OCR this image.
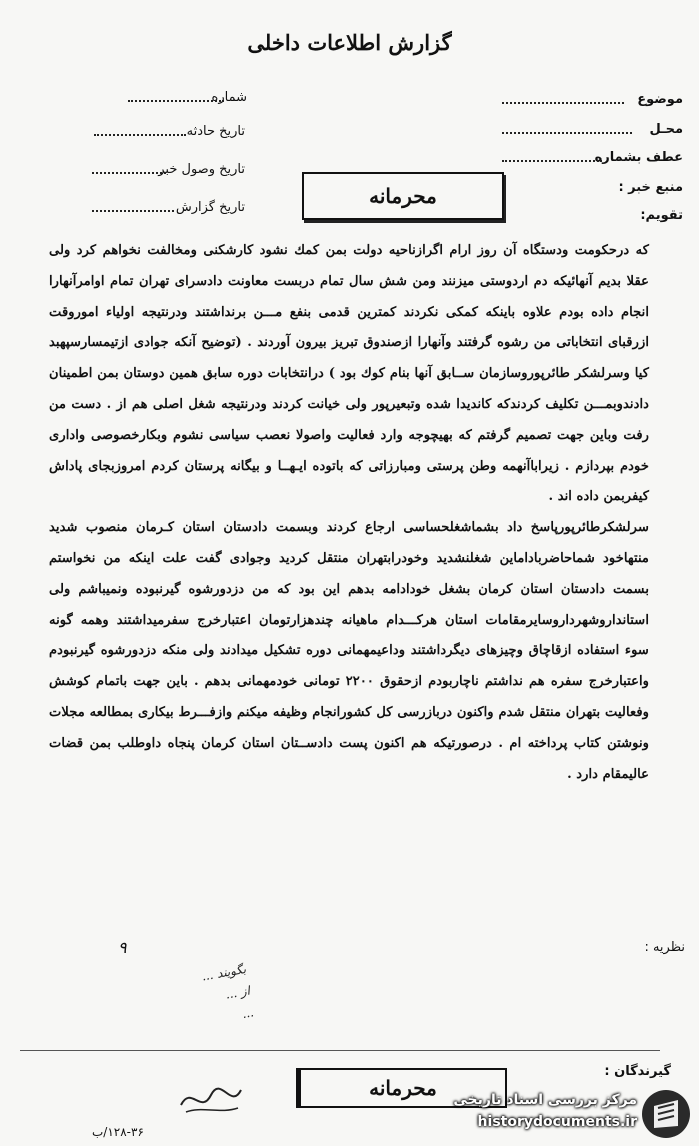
گزارش اطلاعات داخلی
موضوع
محـل
عطف بشماره
منبع خبر :
تقويم:
شماره
تاريخ حادثه
تاريخ وصول خبر
تاريخ گزارش	محرمانه

که درحکومت ودستگاه آن روز ارام اگرازناحيه دولت بمن کمك نشود کارشکنی ومخالفت نخواهم کرد ولی عقلا بدیم آنهائيکه دم اردوستی ميزنند ومن شش سال تمام دربست معاونت دادسرای تهران تمام اوامرآنهارا انجام داده بودم علاوه باينکه کمکی نکردند کمترين قدمی بنفع مـــن برنداشتند ودرنتيجه اولياء اموروقت ازرقبای انتخاباتی من رشوه گرفتند وآنهارا ازصندوق تبريز بيرون آوردند . (توضيح آنکه جوادی ازتيمسارسپهبد کيا وسرلشکر طائرپوروسازمان ســابق آنها بنام کوك بود ) درانتخابات دوره سابق همين دوستان بمن اطمينان دادندوبمـــن تکليف کردندکه کانديدا شده وتبعيرپور ولی خيانت کردند ودرنتيجه شغل اصلی هم از . دست من رفت وباين جهت تصميم گرفتم که بهيچوجه وارد فعاليت واصولا نعصب سياسی نشوم وبکارخصوصی واداری خودم بپردازم . زيراباآنهمه وطن پرستی ومبارزاتی که باتوده ايـهــا و بيگانه پرستان کردم امروزبجای پاداش کيفربمن داده اند .

سرلشکرطائرپورپاسخ داد بشماشغلحساسی ارجاع کردند وبسمت دادستان استان کـرمان منصوب شديد منتهاخود شماحاضرباداماين شغلنشديد وخودرابتهران منتقل کرديد وجوادی گفت علت اينکه من نخواستم بسمت دادستان استان کرمان بشغل خودادامه بدهم اين بود که من دزدورشوه گيرنبوده ونميباشم ولی استانداروشهرداروسايرمقامات استان هرکـــدام ماهيانه چندهزارتومان اعتبارخرج سفرميداشتند وهمه گونه سوء استفاده ازقاچاق وچيزهای ديگرداشتند وداعیمهمانی دوره تشکيل ميدادند ولی منکه دزدورشوه گيرنبودم واعتبارخرج سفره هم نداشتم ناچاربودم ازحقوق ۲۲۰۰ تومانی خودمهمانی بدهم . باين جهت باتمام کوشش وفعاليت بتهران منتقل شدم واکنون دربازرسی کل کشورانجام وظيفه ميکنم وازفـــرط بيکاری بمطالعه مجلات ونوشتن کتاب پرداخته ام . درصورتيکه هم اکنون پست دادســتان استان کرمان پنجاه داوطلب بمن قضات عاليمقام دارد .

نظريه :
۹
بگويند ...
از ...
...
گيرندگان :
محرمانه
۱۲۸-۳۶/ب
مرکز بررسی اسناد تاريخی
historydocuments.ir
